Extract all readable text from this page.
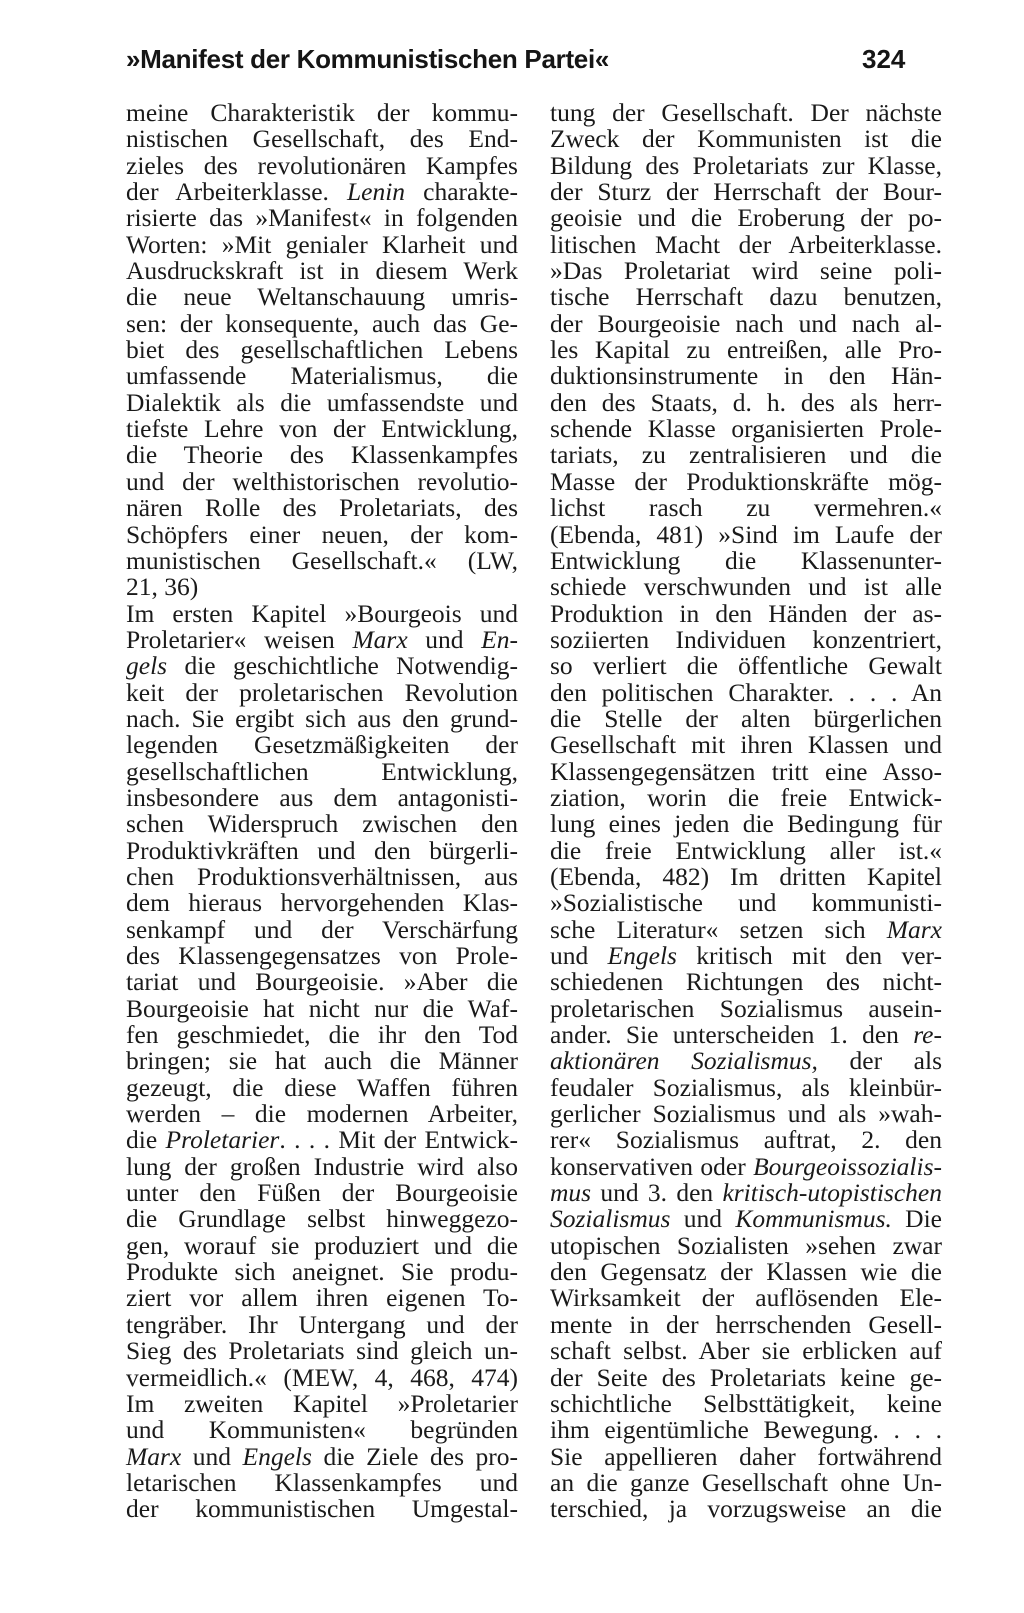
»Manifest der Kommunistischen Partei«	324
meine Charakteristik der kommu-
nistischen Gesellschaft, des End-
zieles des revolutionären Kampfes
der Arbeiterklasse. Lenin charakte-
risierte das »Manifest« in folgenden
Worten: »Mit genialer Klarheit und
Ausdruckskraft ist in diesem Werk
die neue Weltanschauung umris-
sen: der konsequente, auch das Ge-
biet des gesellschaftlichen Lebens
umfassende Materialismus, die
Dialektik als die umfassendste und
tiefste Lehre von der Entwicklung,
die Theorie des Klassenkampfes
und der welthistorischen revolutio-
nären Rolle des Proletariats, des
Schöpfers einer neuen, der kom-
munistischen Gesellschaft.« (LW,
21, 36)
Im ersten Kapitel »Bourgeois und
Proletarier« weisen Marx und En-
gels die geschichtliche Notwendig-
keit der proletarischen Revolution
nach. Sie ergibt sich aus den grund-
legenden Gesetzmäßigkeiten der
gesellschaftlichen Entwicklung,
insbesondere aus dem antagonisti-
schen Widerspruch zwischen den
Produktivkräften und den bürgerli-
chen Produktionsverhältnissen, aus
dem hieraus hervorgehenden Klas-
senkampf und der Verschärfung
des Klassengegensatzes von Prole-
tariat und Bourgeoisie. »Aber die
Bourgeoisie hat nicht nur die Waf-
fen geschmiedet, die ihr den Tod
bringen; sie hat auch die Männer
gezeugt, die diese Waffen führen
werden – die modernen Arbeiter,
die Proletarier. . . . Mit der Entwick-
lung der großen Industrie wird also
unter den Füßen der Bourgeoisie
die Grundlage selbst hinweggezo-
gen, worauf sie produziert und die
Produkte sich aneignet. Sie produ-
ziert vor allem ihren eigenen To-
tengräber. Ihr Untergang und der
Sieg des Proletariats sind gleich un-
vermeidlich.« (MEW, 4, 468, 474)
Im zweiten Kapitel »Proletarier
und Kommunisten« begründen
Marx und Engels die Ziele des pro-
letarischen Klassenkampfes und
der kommunistischen Umgestal-
tung der Gesellschaft. Der nächste
Zweck der Kommunisten ist die
Bildung des Proletariats zur Klasse,
der Sturz der Herrschaft der Bour-
geoisie und die Eroberung der po-
litischen Macht der Arbeiterklasse.
»Das Proletariat wird seine poli-
tische Herrschaft dazu benutzen,
der Bourgeoisie nach und nach al-
les Kapital zu entreißen, alle Pro-
duktionsinstrumente in den Hän-
den des Staats, d. h. des als herr-
schende Klasse organisierten Prole-
tariats, zu zentralisieren und die
Masse der Produktionskräfte mög-
lichst rasch zu vermehren.«
(Ebenda, 481) »Sind im Laufe der
Entwicklung die Klassenunter-
schiede verschwunden und ist alle
Produktion in den Händen der as-
soziierten Individuen konzentriert,
so verliert die öffentliche Gewalt
den politischen Charakter. . . . An
die Stelle der alten bürgerlichen
Gesellschaft mit ihren Klassen und
Klassengegensätzen tritt eine Asso-
ziation, worin die freie Entwick-
lung eines jeden die Bedingung für
die freie Entwicklung aller ist.«
(Ebenda, 482) Im dritten Kapitel
»Sozialistische und kommunisti-
sche Literatur« setzen sich Marx
und Engels kritisch mit den ver-
schiedenen Richtungen des nicht-
proletarischen Sozialismus ausein-
ander. Sie unterscheiden 1. den re-
aktionären Sozialismus, der als
feudaler Sozialismus, als kleinbür-
gerlicher Sozialismus und als »wah-
rer« Sozialismus auftrat, 2. den
konservativen oder Bourgeoissozialis-
mus und 3. den kritisch-utopistischen
Sozialismus und Kommunismus. Die
utopischen Sozialisten »sehen zwar
den Gegensatz der Klassen wie die
Wirksamkeit der auflösenden Ele-
mente in der herrschenden Gesell-
schaft selbst. Aber sie erblicken auf
der Seite des Proletariats keine ge-
schichtliche Selbsttätigkeit, keine
ihm eigentümliche Bewegung. . . .
Sie appellieren daher fortwährend
an die ganze Gesellschaft ohne Un-
terschied, ja vorzugsweise an die
